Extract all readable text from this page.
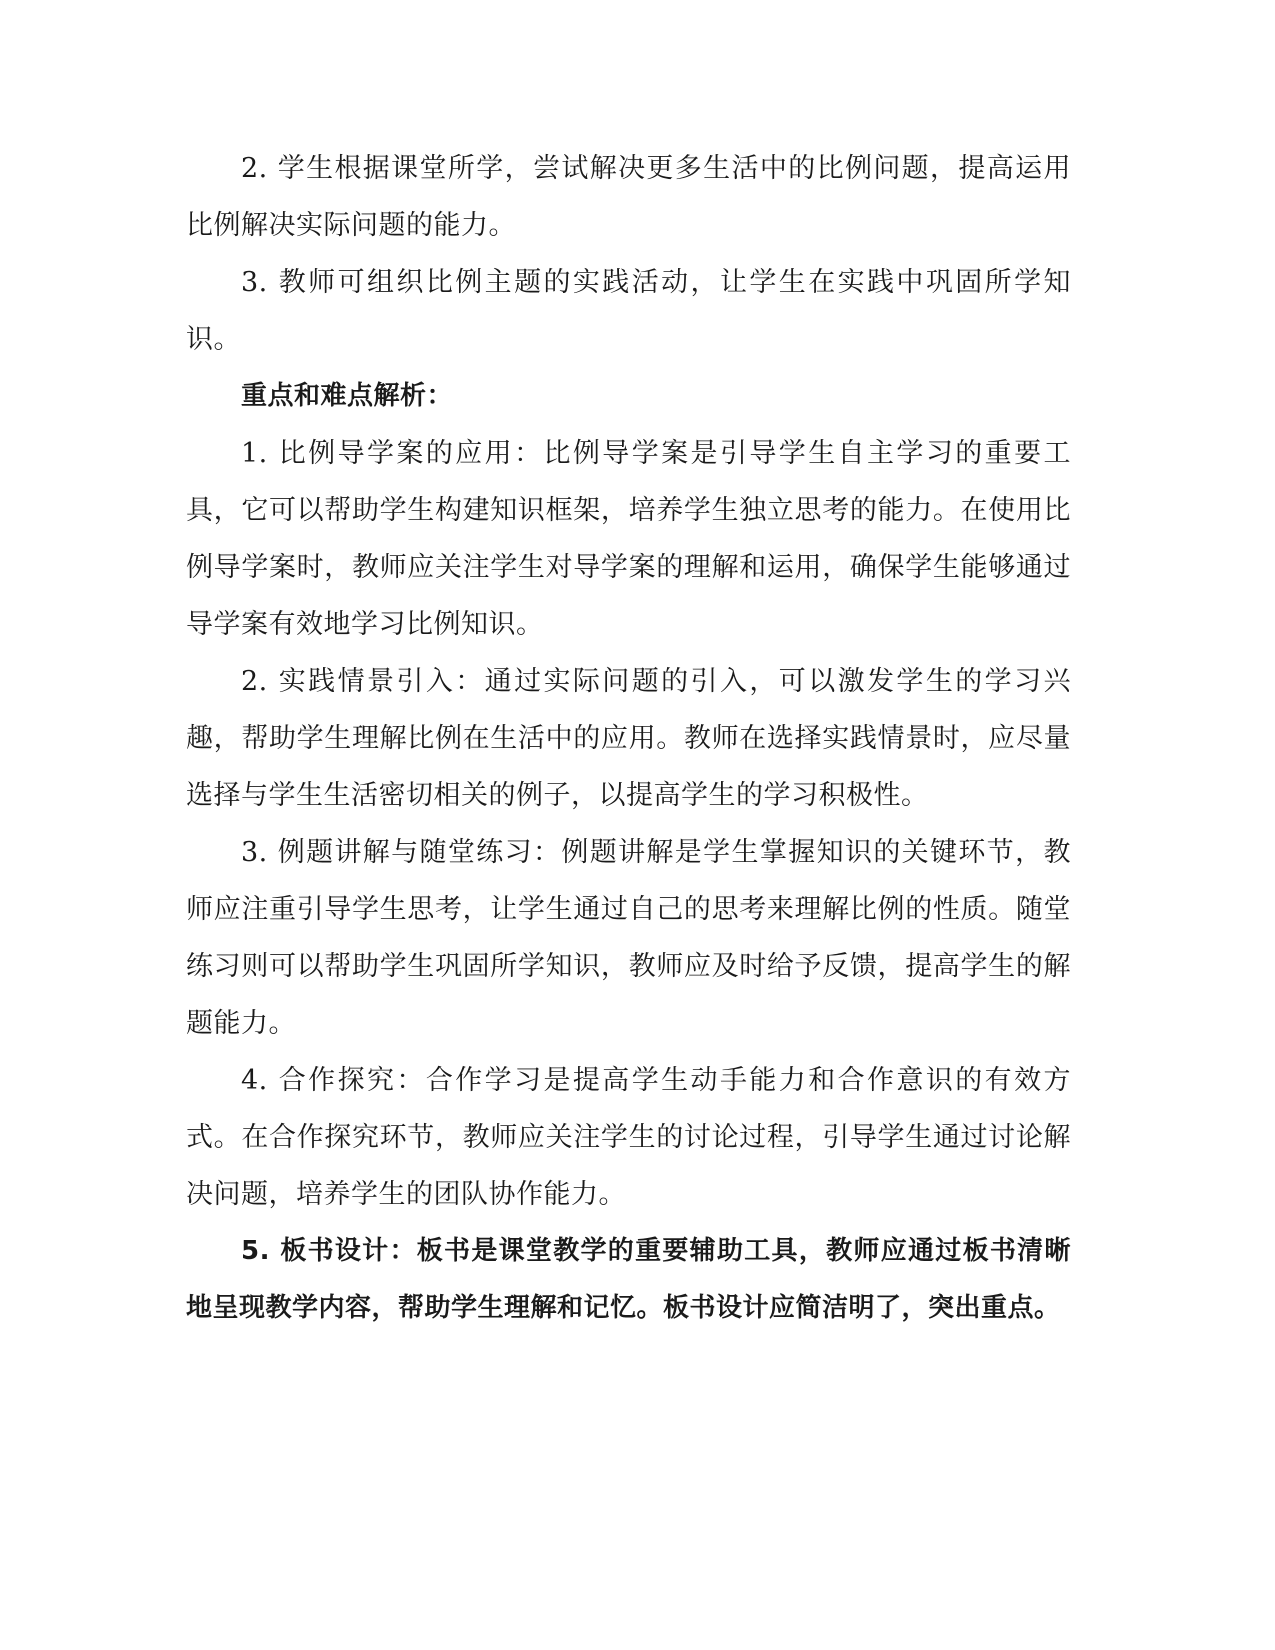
2. 学生根据课堂所学，尝试解决更多生活中的比例问题，提高运用比例解决实际问题的能力。

3. 教师可组织比例主题的实践活动，让学生在实践中巩固所学知识。

重点和难点解析：

1. 比例导学案的应用：比例导学案是引导学生自主学习的重要工具，它可以帮助学生构建知识框架，培养学生独立思考的能力。在使用比例导学案时，教师应关注学生对导学案的理解和运用，确保学生能够通过导学案有效地学习比例知识。

2. 实践情景引入：通过实际问题的引入，可以激发学生的学习兴趣，帮助学生理解比例在生活中的应用。教师在选择实践情景时，应尽量选择与学生生活密切相关的例子，以提高学生的学习积极性。

3. 例题讲解与随堂练习：例题讲解是学生掌握知识的关键环节，教师应注重引导学生思考，让学生通过自己的思考来理解比例的性质。随堂练习则可以帮助学生巩固所学知识，教师应及时给予反馈，提高学生的解题能力。

4. 合作探究：合作学习是提高学生动手能力和合作意识的有效方式。在合作探究环节，教师应关注学生的讨论过程，引导学生通过讨论解决问题，培养学生的团队协作能力。

5. 板书设计：板书是课堂教学的重要辅助工具，教师应通过板书清晰地呈现教学内容，帮助学生理解和记忆。板书设计应简洁明了，突出重点。
